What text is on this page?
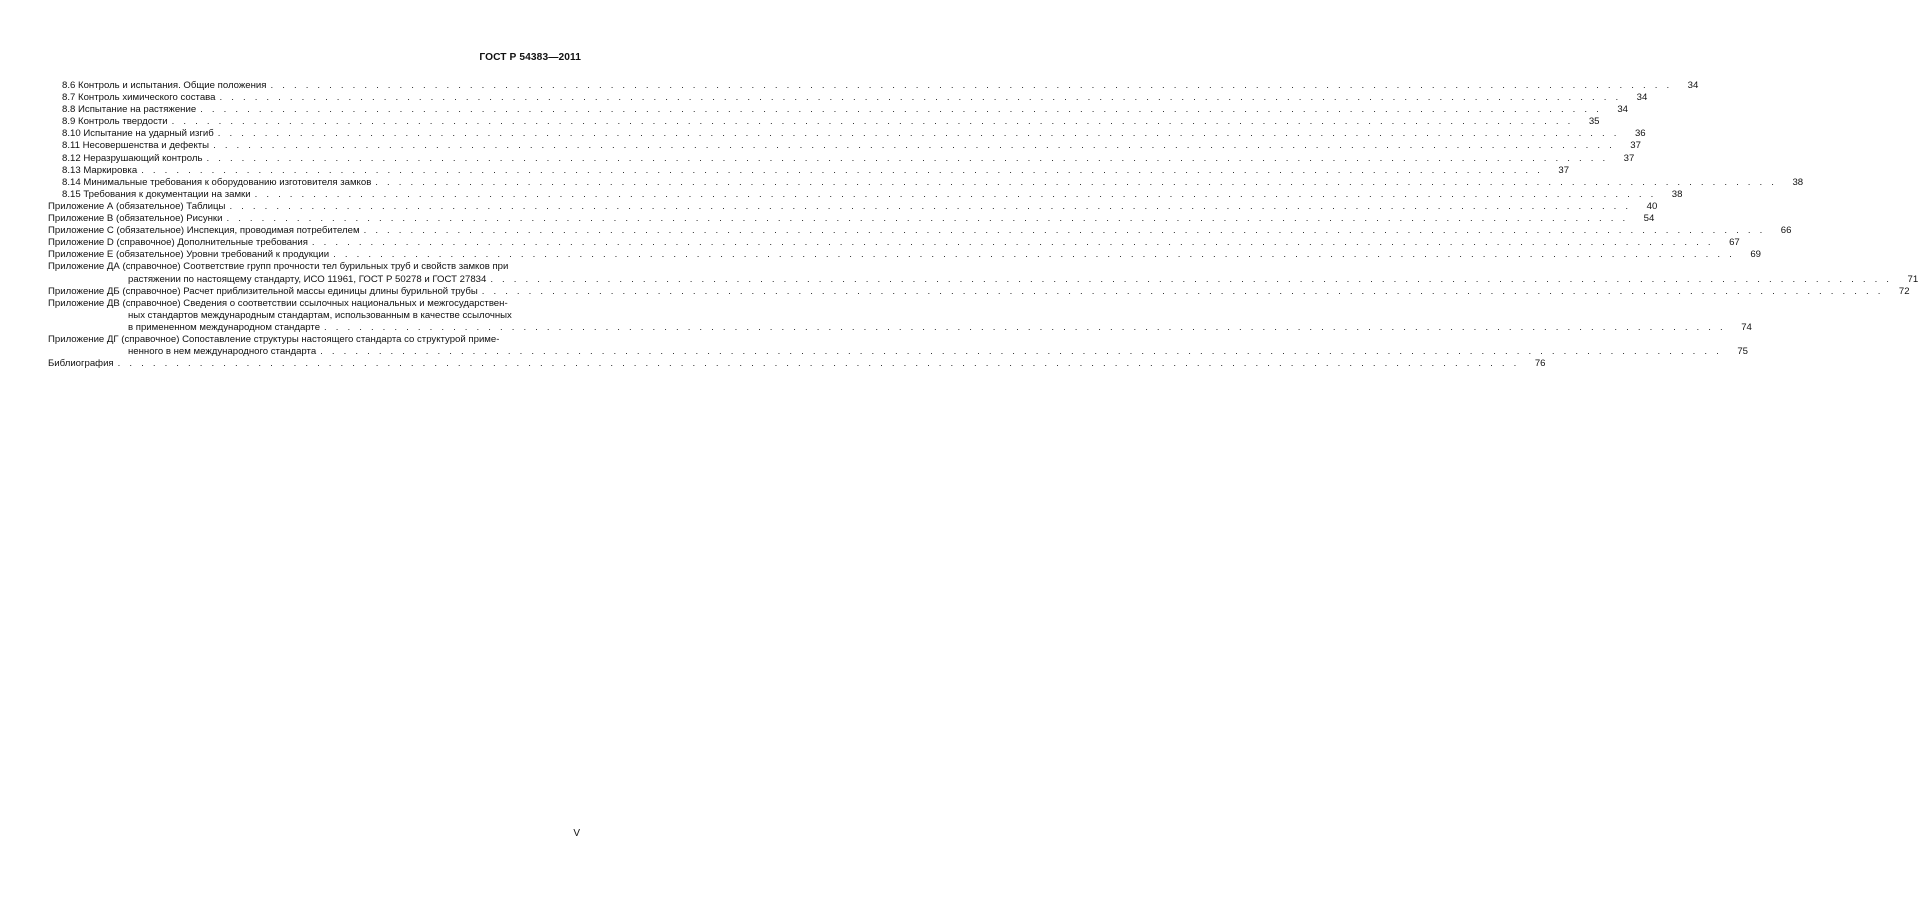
ГОСТ Р 54383—2011
8.6 Контроль и испытания. Общие положения . . . . . . . . . . . . . . . . . . . . . . . . . . . . . . . . . . . . . . . . . . . . . . . . . . . . . . . . . . . . . . . . . . . . . . . . . . . . . . . . . . . . . . . . . . . . . . . . . . . . . . . . . . . . . . . . . . . . . . . .	34
8.7 Контроль химического состава . . . . . . . . . . . . . . . . . . . . . . . . . . . . . . . . . . . . . . . . . . . . . . . . . . . . . . . . . . . . . . . . . . . . . . . . . . . . . . . . . . . . . . . . . . . . . . . . . . . . . . . . . . . . . . . . . . . . . . . .	34
8.8 Испытание на растяжение . . . . . . . . . . . . . . . . . . . . . . . . . . . . . . . . . . . . . . . . . . . . . . . . . . . . . . . . . . . . . . . . . . . . . . . . . . . . . . . . . . . . . . . . . . . . . . . . . . . . . . . . . . . . . . . . . . . . . . . .	34
8.9 Контроль твердости . . . . . . . . . . . . . . . . . . . . . . . . . . . . . . . . . . . . . . . . . . . . . . . . . . . . . . . . . . . . . . . . . . . . . . . . . . . . . . . . . . . . . . . . . . . . . . . . . . . . . . . . . . . . . . . . . . . . . . . .	35
8.10 Испытание на ударный изгиб . . . . . . . . . . . . . . . . . . . . . . . . . . . . . . . . . . . . . . . . . . . . . . . . . . . . . . . . . . . . . . . . . . . . . . . . . . . . . . . . . . . . . . . . . . . . . . . . . . . . . . . . . . . . . . . . . . . . . . . .	36
8.11 Несовершенства и дефекты . . . . . . . . . . . . . . . . . . . . . . . . . . . . . . . . . . . . . . . . . . . . . . . . . . . . . . . . . . . . . . . . . . . . . . . . . . . . . . . . . . . . . . . . . . . . . . . . . . . . . . . . . . . . . . . . . . . . . . . .	37
8.12 Неразрушающий контроль . . . . . . . . . . . . . . . . . . . . . . . . . . . . . . . . . . . . . . . . . . . . . . . . . . . . . . . . . . . . . . . . . . . . . . . . . . . . . . . . . . . . . . . . . . . . . . . . . . . . . . . . . . . . . . . . . . . . . . . .	37
8.13 Маркировка . . . . . . . . . . . . . . . . . . . . . . . . . . . . . . . . . . . . . . . . . . . . . . . . . . . . . . . . . . . . . . . . . . . . . . . . . . . . . . . . . . . . . . . . . . . . . . . . . . . . . . . . . . . . . . . . . . . . . . . .	37
8.14 Минимальные требования к оборудованию изготовителя замков . . . . . . . . . . . . . . . . . . . . . . . . . . . . . . . . . . . . . . . . . . . . . . . . . . . . . . . . . . . . . . . . . . . . . . . . . . . . . . . . . . . . . . . . . . . . . . . . . . . . . . . . . . . . . . . . . . . . . . . .	38
8.15 Требования к документации на замки . . . . . . . . . . . . . . . . . . . . . . . . . . . . . . . . . . . . . . . . . . . . . . . . . . . . . . . . . . . . . . . . . . . . . . . . . . . . . . . . . . . . . . . . . . . . . . . . . . . . . . . . . . . . . . . . . . . . . . . .	38
Приложение А (обязательное) Таблицы . . . . . . . . . . . . . . . . . . . . . . . . . . . . . . . . . . . . . . . . . . . . . . . . . . . . . . . . . . . . . . . . . . . . . . . . . . . . . . . . . . . . . . . . . . . . . . . . . . . . . . . . . . . . . . . . . . . . . . . .	40
Приложение В (обязательное) Рисунки . . . . . . . . . . . . . . . . . . . . . . . . . . . . . . . . . . . . . . . . . . . . . . . . . . . . . . . . . . . . . . . . . . . . . . . . . . . . . . . . . . . . . . . . . . . . . . . . . . . . . . . . . . . . . . . . . . . . . . . .	54
Приложение С (обязательное) Инспекция, проводимая потребителем . . . . . . . . . . . . . . . . . . . . . . . . . . . . . . . . . . . . . . . . . . . . . . . . . . . . . . . . . . . . . . . . . . . . . . . . . . . . . . . . . . . . . . . . . . . . . . . . . . . . . . . . . . . . . . . . . . . . . . . .	66
Приложение D (справочное) Дополнительные требования . . . . . . . . . . . . . . . . . . . . . . . . . . . . . . . . . . . . . . . . . . . . . . . . . . . . . . . . . . . . . . . . . . . . . . . . . . . . . . . . . . . . . . . . . . . . . . . . . . . . . . . . . . . . . . . . . . . . . . . .	67
Приложение Е (обязательное) Уровни требований к продукции . . . . . . . . . . . . . . . . . . . . . . . . . . . . . . . . . . . . . . . . . . . . . . . . . . . . . . . . . . . . . . . . . . . . . . . . . . . . . . . . . . . . . . . . . . . . . . . . . . . . . . . . . . . . . . . . . . . . . . . .	69
Приложение ДА (справочное) Соответствие групп прочности тел бурильных труб и свойств замков при
растяжении по настоящему стандарту, ИСО 11961, ГОСТ Р 50278 и ГОСТ 27834 . . . . . . . . . . . . . . . . . . . . . . . . . . . . . . . . . . . . . . . . . . . . . . . . . . . . . . . . . . . . . . . . . . . . . . . . . . . . . . . . . . . . . . . . . . . . . . . . . . . . . . . . . . . . . . . . . . . . . . . .	71
Приложение ДБ (справочное) Расчет приблизительной массы единицы длины бурильной трубы . . . . . . . . . . . . . . . . . . . . . . . . . . . . . . . . . . . . . . . . . . . . . . . . . . . . . . . . . . . . . . . . . . . . . . . . . . . . . . . . . . . . . . . . . . . . . . . . . . . . . . . . . . . . . . . . . . . . . . . .	72
Приложение ДВ (справочное) Сведения о соответствии ссылочных национальных и межгосударствен-
ных стандартов международным стандартам, использованным в качестве ссылочных
в примененном международном стандарте . . . . . . . . . . . . . . . . . . . . . . . . . . . . . . . . . . . . . . . . . . . . . . . . . . . . . . . . . . . . . . . . . . . . . . . . . . . . . . . . . . . . . . . . . . . . . . . . . . . . . . . . . . . . . . . . . . . . . . . .	74
Приложение ДГ (справочное) Сопоставление структуры настоящего стандарта со структурой приме-
ненного в нем международного стандарта . . . . . . . . . . . . . . . . . . . . . . . . . . . . . . . . . . . . . . . . . . . . . . . . . . . . . . . . . . . . . . . . . . . . . . . . . . . . . . . . . . . . . . . . . . . . . . . . . . . . . . . . . . . . . . . . . . . . . . . .	75
Библиография . . . . . . . . . . . . . . . . . . . . . . . . . . . . . . . . . . . . . . . . . . . . . . . . . . . . . . . . . . . . . . . . . . . . . . . . . . . . . . . . . . . . . . . . . . . . . . . . . . . . . . . . . . . . . . . . . . . . . . . .	76
V
